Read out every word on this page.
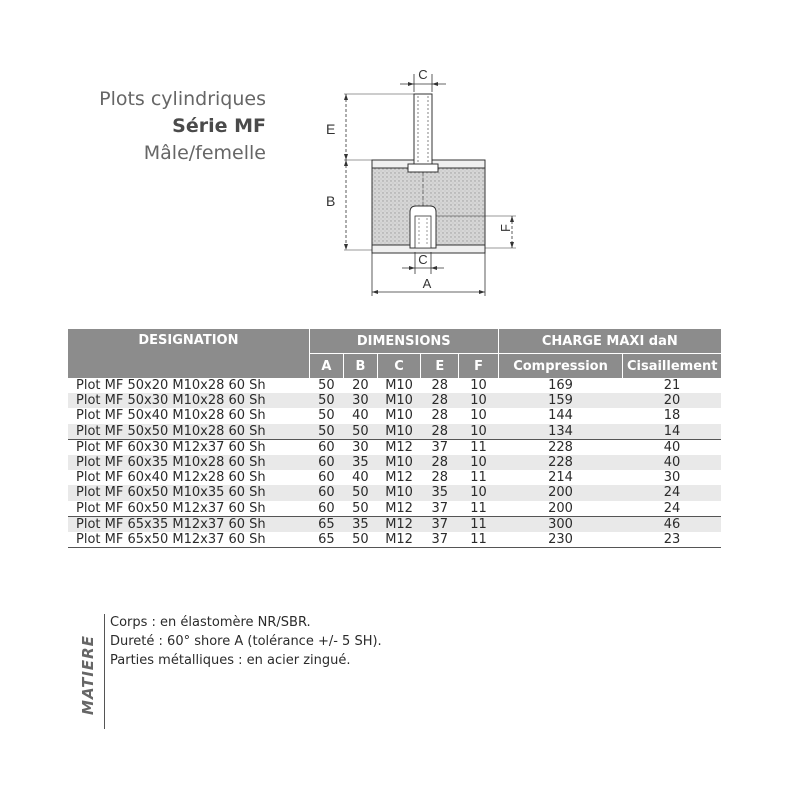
Plots cylindriques
Série MF
Mâle/femelle
C
E
B
F
C
A
DESIGNATION	DIMENSIONS					CHARGE MAXI daN	
	A	B	C	E	F	Compression	Cisaillement
Plot MF 50x20 M10x28 60 Sh	50	20	M10	28	10	169	21
Plot MF 50x30 M10x28 60 Sh	50	30	M10	28	10	159	20
Plot MF 50x40 M10x28 60 Sh	50	40	M10	28	10	144	18
Plot MF 50x50 M10x28 60 Sh	50	50	M10	28	10	134	14
Plot MF 60x30 M12x37 60 Sh	60	30	M12	37	11	228	40
Plot MF 60x35 M10x28 60 Sh	60	35	M10	28	10	228	40
Plot MF 60x40 M12x28 60 Sh	60	40	M12	28	11	214	30
Plot MF 60x50 M10x35 60 Sh	60	50	M10	35	10	200	24
Plot MF 60x50 M12x37 60 Sh	60	50	M12	37	11	200	24
Plot MF 65x35 M12x37 60 Sh	65	35	M12	37	11	300	46
Plot MF 65x50 M12x37 60 Sh	65	50	M12	37	11	230	23
MATIERE
Corps : en élastomère NR/SBR.
Dureté : 60° shore A (tolérance +/- 5 SH).
Parties métalliques : en acier zingué.
